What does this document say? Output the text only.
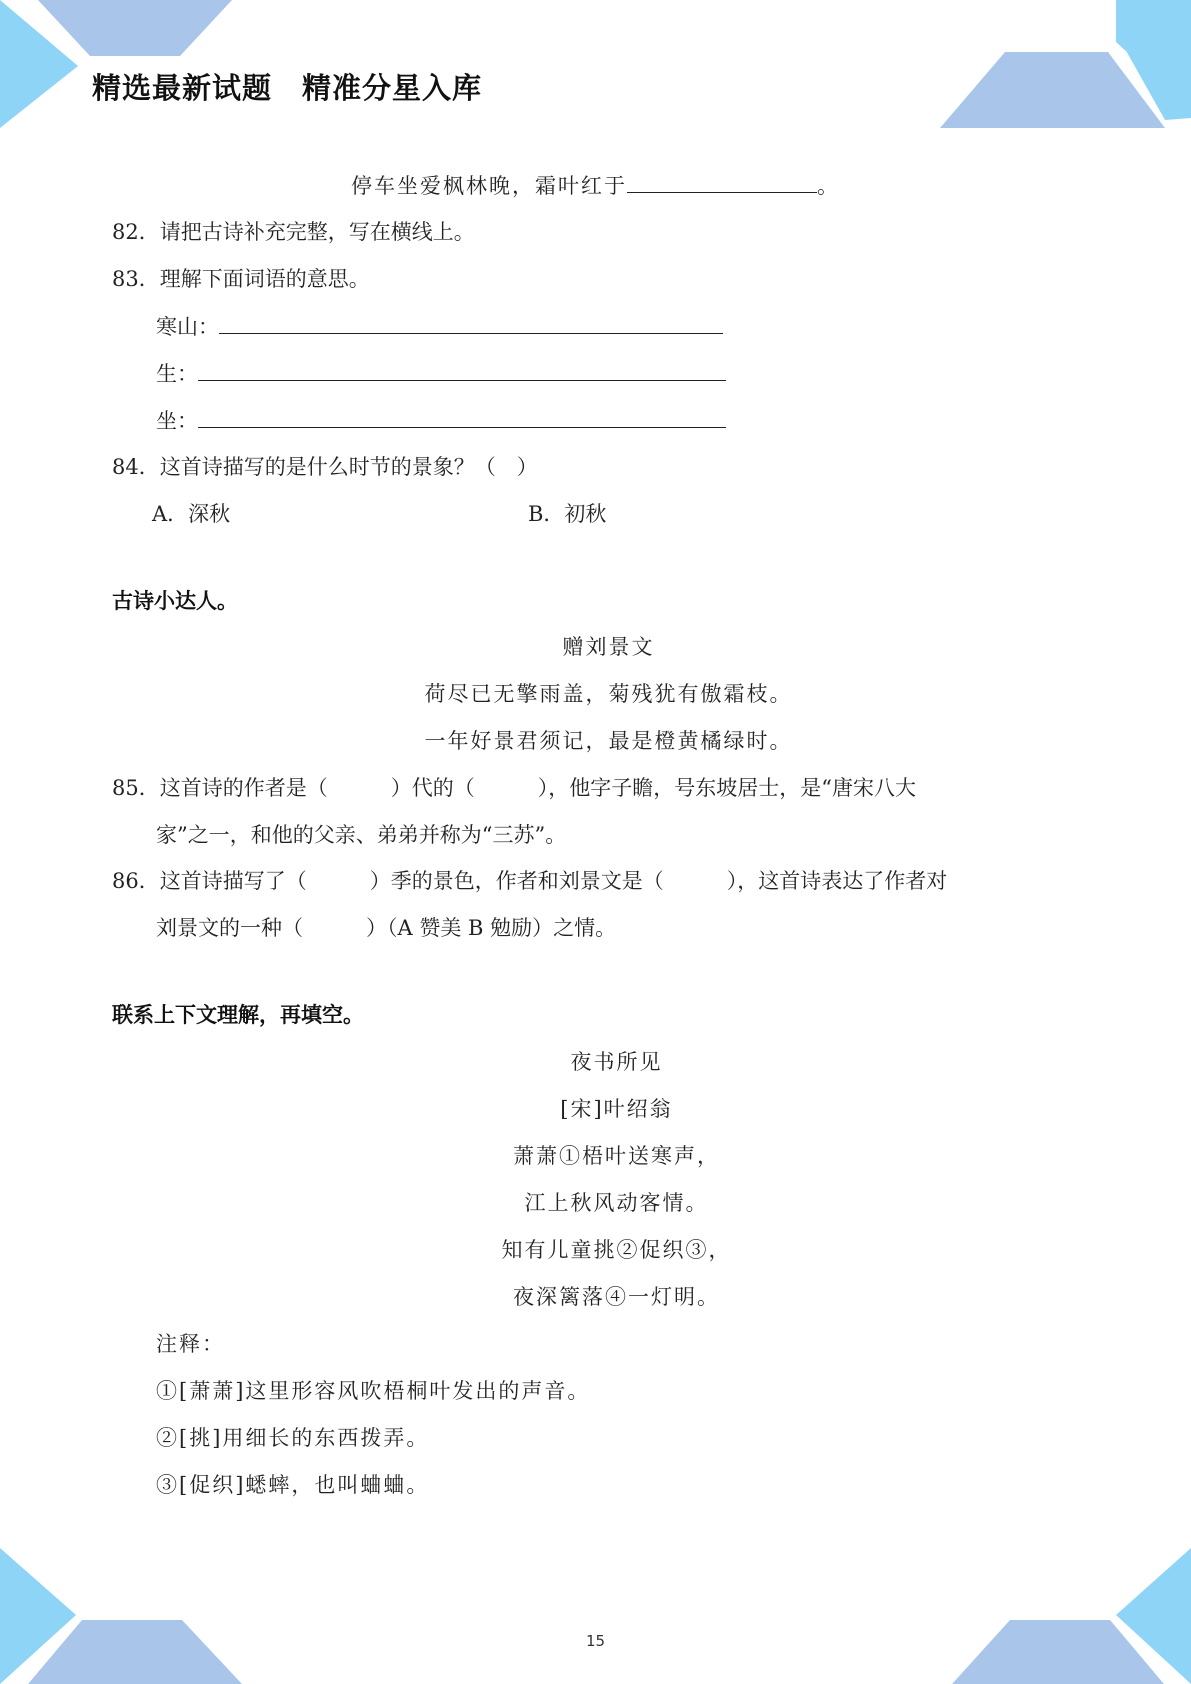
精选最新试题　精准分星入库
停车坐爱枫林晚，霜叶红于	。
82．请把古诗补充完整，写在横线上。
83．理解下面词语的意思。
寒山：
生：
坐：
84．这首诗描写的是什么时节的景象？（　）
A．深秋	B．初秋
古诗小达人。
赠刘景文
荷尽已无擎雨盖，菊残犹有傲霜枝。
一年好景君须记，最是橙黄橘绿时。
85．这首诗的作者是（　　　）代的（　　　），他字子瞻，号东坡居士，是“唐宋八大
家”之一，和他的父亲、弟弟并称为“三苏”。
86．这首诗描写了（　　　）季的景色，作者和刘景文是（　　　），这首诗表达了作者对
刘景文的一种（　　　）（A 赞美 B 勉励）之情。
联系上下文理解，再填空。
夜书所见
[宋]叶绍翁
萧萧①梧叶送寒声，
江上秋风动客情。
知有儿童挑②促织③，
夜深篱落④一灯明。
注释：
①[萧萧]这里形容风吹梧桐叶发出的声音。
②[挑]用细长的东西拨弄。
③[促织]蟋蟀，也叫蛐蛐。
15
